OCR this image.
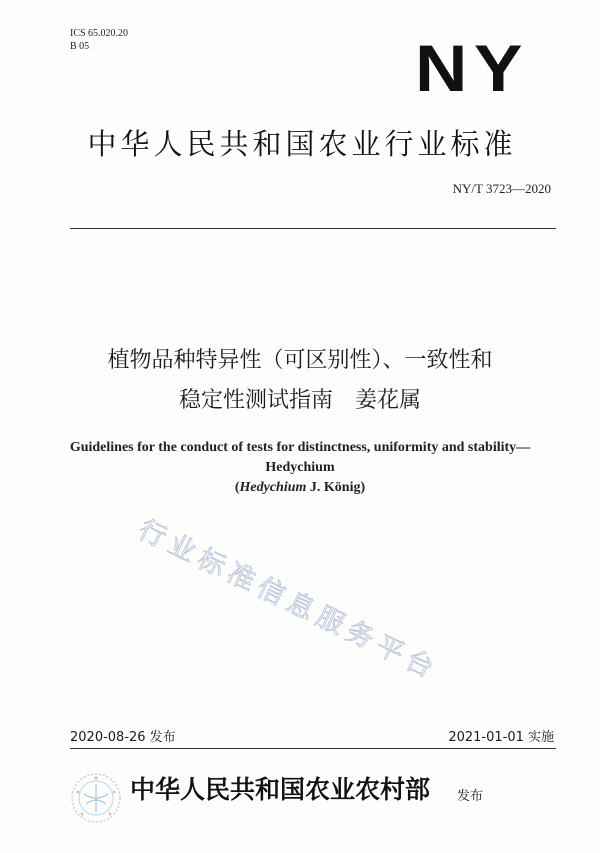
ICS 65.020.20
B 05	NY
中华人民共和国农业行业标准
NY/T 3723—2020
植物品种特异性（可区别性）、一致性和
稳定性测试指南　姜花属
Guidelines for the conduct of tests for distinctness, uniformity and stability—
Hedychium
(Hedychium J. König)
行业标准信息服务平台
2020-08-26 发布	2021-01-01 实施
中华人民共和国农业农村部 发布
